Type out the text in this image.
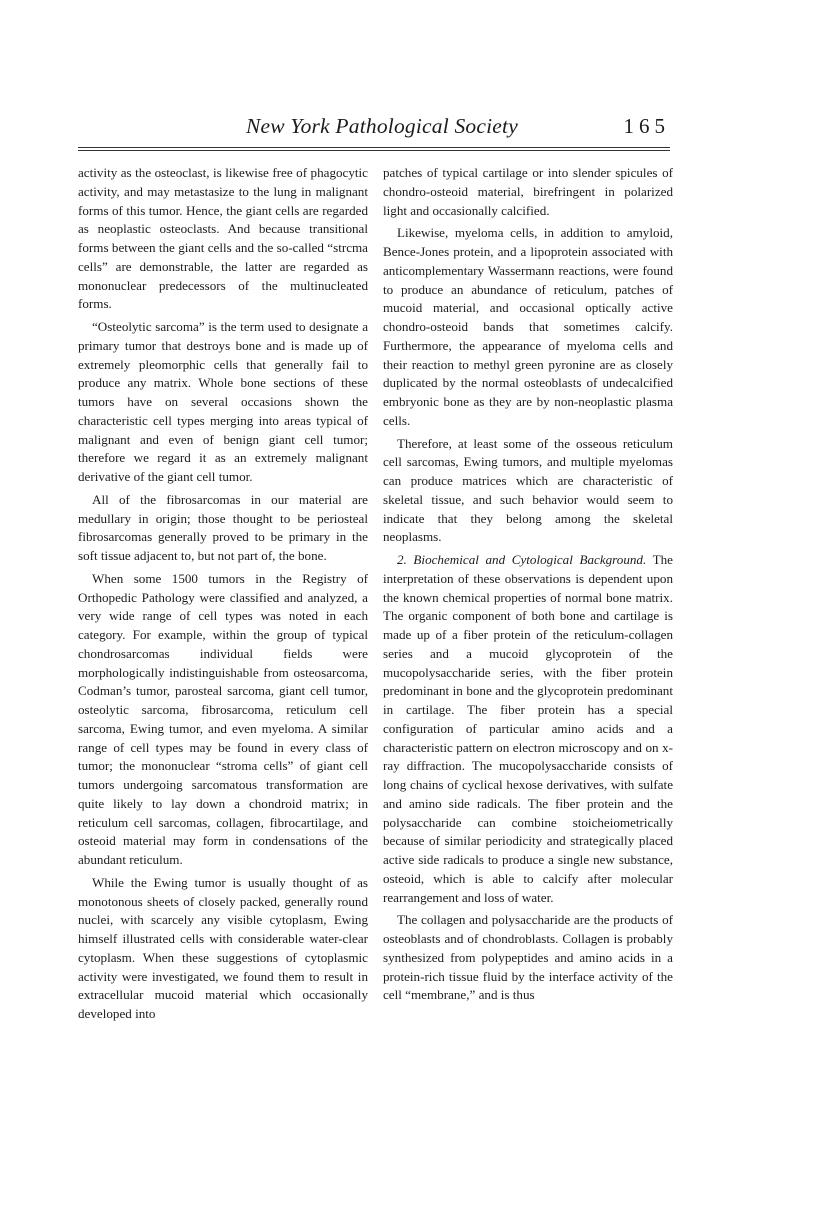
New York Pathological Society	165

activity as the osteoclast, is likewise free of phagocytic activity, and may metastasize to the lung in malignant forms of this tumor. Hence, the giant cells are regarded as neoplastic osteoclasts. And because transitional forms between the giant cells and the so-called “strcma cells” are demonstrable, the latter are regarded as mononuclear predecessors of the multinucleated forms.

“Osteolytic sarcoma” is the term used to designate a primary tumor that destroys bone and is made up of extremely pleomorphic cells that generally fail to produce any matrix. Whole bone sections of these tumors have on several occasions shown the characteristic cell types merging into areas typical of malignant and even of benign giant cell tumor; therefore we regard it as an extremely malignant derivative of the giant cell tumor.

All of the fibrosarcomas in our material are medullary in origin; those thought to be periosteal fibrosarcomas generally proved to be primary in the soft tissue adjacent to, but not part of, the bone.

When some 1500 tumors in the Registry of Orthopedic Pathology were classified and analyzed, a very wide range of cell types was noted in each category. For example, within the group of typical chondrosarcomas individual fields were morphologically indistinguishable from osteosarcoma, Codman’s tumor, parosteal sarcoma, giant cell tumor, osteolytic sarcoma, fibrosarcoma, reticulum cell sarcoma, Ewing tumor, and even myeloma. A similar range of cell types may be found in every class of tumor; the mononuclear “stroma cells” of giant cell tumors undergoing sarcomatous transformation are quite likely to lay down a chondroid matrix; in reticulum cell sarcomas, collagen, fibrocartilage, and osteoid material may form in condensations of the abundant reticulum.

While the Ewing tumor is usually thought of as monotonous sheets of closely packed, generally round nuclei, with scarcely any visible cytoplasm, Ewing himself illustrated cells with considerable water-clear cytoplasm. When these suggestions of cytoplasmic activity were investigated, we found them to result in extracellular mucoid material which occasionally developed into

patches of typical cartilage or into slender spicules of chondro-osteoid material, birefringent in polarized light and occasionally calcified.

Likewise, myeloma cells, in addition to amyloid, Bence-Jones protein, and a lipoprotein associated with anticomplementary Wassermann reactions, were found to produce an abundance of reticulum, patches of mucoid material, and occasional optically active chondro-osteoid bands that sometimes calcify. Furthermore, the appearance of myeloma cells and their reaction to methyl green pyronine are as closely duplicated by the normal osteoblasts of undecalcified embryonic bone as they are by non-neoplastic plasma cells.

Therefore, at least some of the osseous reticulum cell sarcomas, Ewing tumors, and multiple myelomas can produce matrices which are characteristic of skeletal tissue, and such behavior would seem to indicate that they belong among the skeletal neoplasms.

2. Biochemical and Cytological Background. The interpretation of these observations is dependent upon the known chemical properties of normal bone matrix. The organic component of both bone and cartilage is made up of a fiber protein of the reticulum-collagen series and a mucoid glycoprotein of the mucopolysaccharide series, with the fiber protein predominant in bone and the glycoprotein predominant in cartilage. The fiber protein has a special configuration of particular amino acids and a characteristic pattern on electron microscopy and on x-ray diffraction. The mucopolysaccharide consists of long chains of cyclical hexose derivatives, with sulfate and amino side radicals. The fiber protein and the polysaccharide can combine stoicheiometrically because of similar periodicity and strategically placed active side radicals to produce a single new substance, osteoid, which is able to calcify after molecular rearrangement and loss of water.

The collagen and polysaccharide are the products of osteoblasts and of chondroblasts. Collagen is probably synthesized from polypeptides and amino acids in a protein-rich tissue fluid by the interface activity of the cell “membrane,” and is thus
